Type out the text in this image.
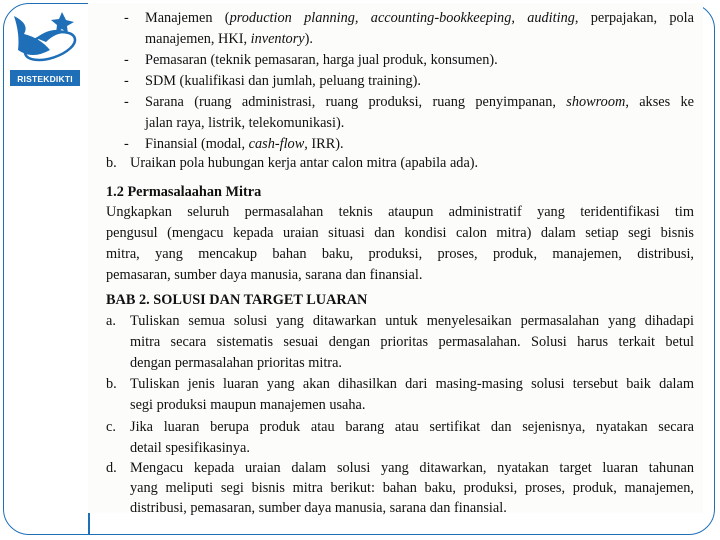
RISTEKDIKTI
- Manajemen (production planning, accounting-bookkeeping, auditing, perpajakan, pola
manajemen, HKI, inventory).
- Pemasaran (teknik pemasaran, harga jual produk, konsumen).
- SDM (kualifikasi dan jumlah, peluang training).
- Sarana (ruang administrasi, ruang produksi, ruang penyimpanan, showroom, akses ke
jalan raya, listrik, telekomunikasi).
- Finansial (modal, cash-flow, IRR).
b. Uraikan pola hubungan kerja antar calon mitra (apabila ada).
1.2 Permasalaahan Mitra
Ungkapkan seluruh permasalahan teknis ataupun administratif yang teridentifikasi tim
pengusul (mengacu kepada uraian situasi dan kondisi calon mitra) dalam setiap segi bisnis
mitra, yang mencakup bahan baku, produksi, proses, produk, manajemen, distribusi,
pemasaran, sumber daya manusia, sarana dan finansial.
BAB 2. SOLUSI DAN TARGET LUARAN
a. Tuliskan semua solusi yang ditawarkan untuk menyelesaikan permasalahan yang dihadapi
mitra secara sistematis sesuai dengan prioritas permasalahan. Solusi harus terkait betul
dengan permasalahan prioritas mitra.
b. Tuliskan jenis luaran yang akan dihasilkan dari masing-masing solusi tersebut baik dalam
segi produksi maupun manajemen usaha.
c. Jika luaran berupa produk atau barang atau sertifikat dan sejenisnya, nyatakan secara
detail spesifikasinya.
d. Mengacu kepada uraian dalam solusi yang ditawarkan, nyatakan target luaran tahunan
yang meliputi segi bisnis mitra berikut: bahan baku, produksi, proses, produk, manajemen,
distribusi, pemasaran, sumber daya manusia, sarana dan finansial.
